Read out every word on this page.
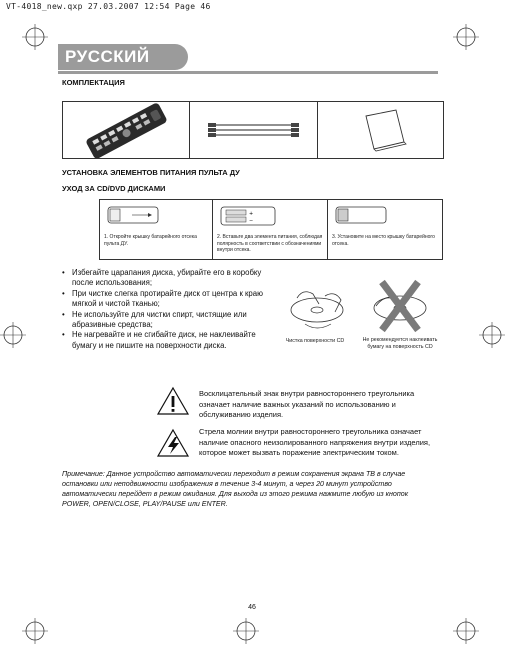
VT-4018_new.qxp 27.03.2007 12:54 Page 46
РУССКИЙ
КОМПЛЕКТАЦИЯ
УСТАНОВКА ЭЛЕМЕНТОВ ПИТАНИЯ ПУЛЬТА ДУ
УХОД ЗА CD/DVD ДИСКАМИ
1. Откройте крышку батарейного отсека пульта ДУ.
+
−
2. Вставьте два элемента питания, соблюдая полярность в соответствии с обозначениями внутри отсека.
3. Установите на место крышку батарейного отсека.
• Избегайте царапания диска, убирайте его в коробку после использования;
• При чистке слегка протирайте диск от центра к краю мягкой и чистой тканью;
• Не используйте для чистки спирт, чистящие или абразивные средства;
• Не нагревайте и не сгибайте диск, не наклеивайте бумагу и не пишите на поверхности диска.	Чистка поверхности CD	Не рекомендуется наклеивать бумагу на поверхность CD
Восклицательный знак внутри равностороннего треугольника означает наличие важных указаний по использованию и обслуживанию изделия.
Стрела молнии внутри равностороннего треугольника означает наличие опасного неизолированного напряжения внутри изделия, которое может вызвать поражение электрическим током.
Примечание: Данное устройство автоматически переходит в режим сохранения экрана ТВ в случае остановки или неподвижности изображения в течение 3-4 минут, а через 20 минут устройство автоматически перейдет в режим ожидания. Для выхода из этого режима нажмите любую из кнопок POWER, OPEN/CLOSE, PLAY/PAUSE или ENTER.
46
